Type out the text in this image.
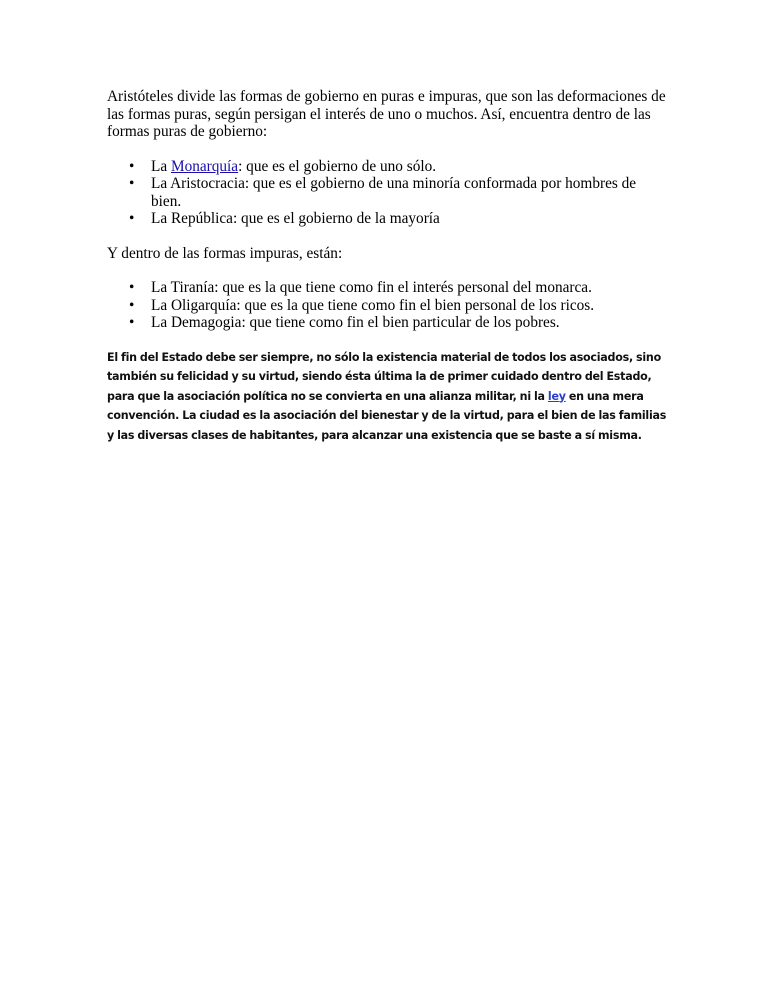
Aristóteles divide las formas de gobierno en puras e impuras, que son las deformaciones de las formas puras, según persigan el interés de uno o muchos. Así, encuentra dentro de las formas puras de gobierno:

• La Monarquía: que es el gobierno de uno sólo.
• La Aristocracia: que es el gobierno de una minoría conformada por hombres de bien.
• La República: que es el gobierno de la mayoría

Y dentro de las formas impuras, están:

• La Tiranía: que es la que tiene como fin el interés personal del monarca.
• La Oligarquía: que es la que tiene como fin el bien personal de los ricos.
• La Demagogia: que tiene como fin el bien particular de los pobres.

El fin del Estado debe ser siempre, no sólo la existencia material de todos los asociados, sino también su felicidad y su virtud, siendo ésta última la de primer cuidado dentro del Estado, para que la asociación política no se convierta en una alianza militar, ni la ley en una mera convención. La ciudad es la asociación del bienestar y de la virtud, para el bien de las familias y las diversas clases de habitantes, para alcanzar una existencia que se baste a sí misma.
